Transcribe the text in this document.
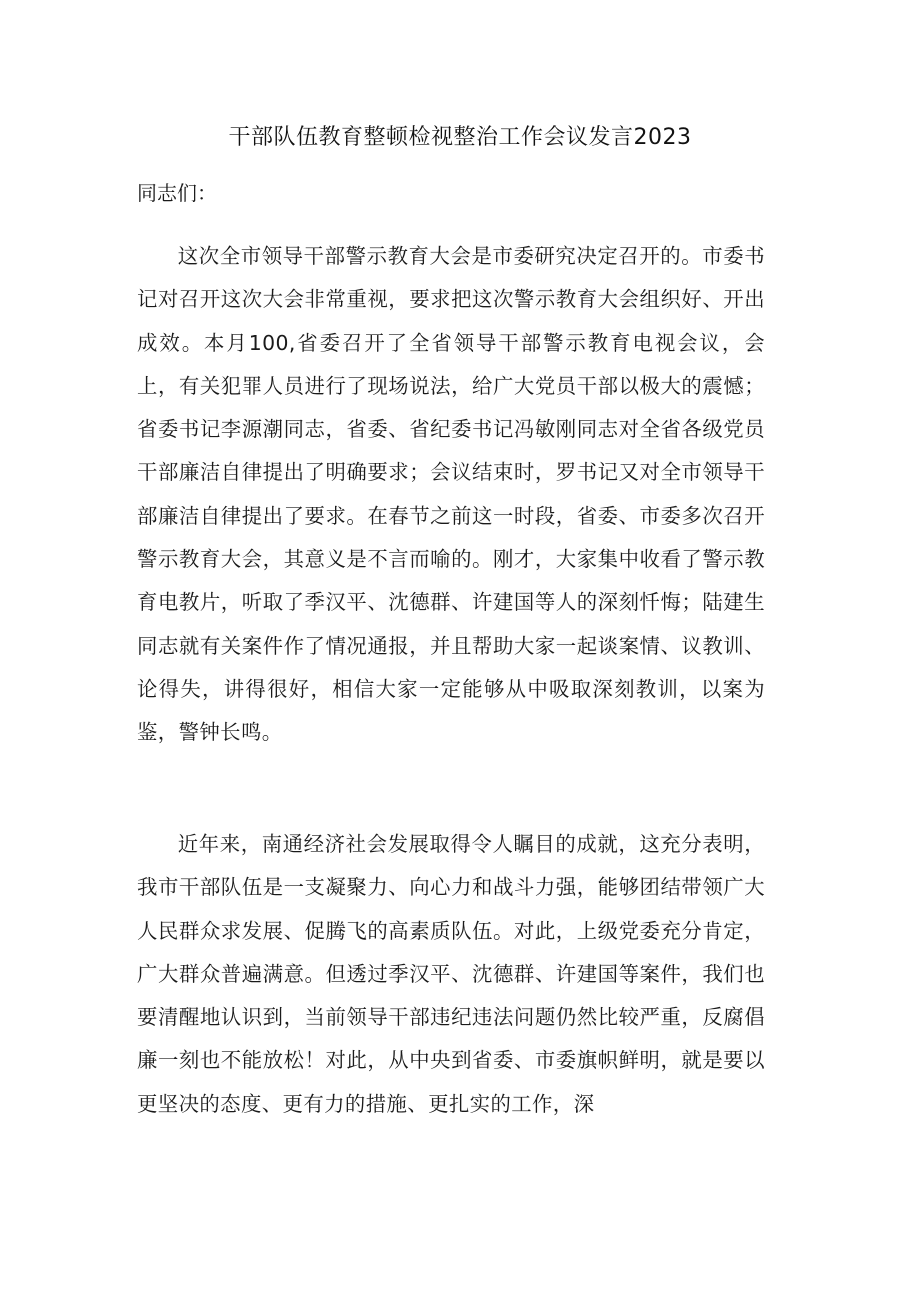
干部队伍教育整顿检视整治工作会议发言2023

同志们：

这次全市领导干部警示教育大会是市委研究决定召开的。市委书记对召开这次大会非常重视，要求把这次警示教育大会组织好、开出成效。本月100,省委召开了全省领导干部警示教育电视会议，会上，有关犯罪人员进行了现场说法，给广大党员干部以极大的震憾；省委书记李源潮同志，省委、省纪委书记冯敏刚同志对全省各级党员干部廉洁自律提出了明确要求；会议结束时，罗书记又对全市领导干部廉洁自律提出了要求。在春节之前这一时段，省委、市委多次召开警示教育大会，其意义是不言而喻的。刚才，大家集中收看了警示教育电教片，听取了季汉平、沈德群、许建国等人的深刻忏悔；陆建生同志就有关案件作了情况通报，并且帮助大家一起谈案情、议教训、论得失，讲得很好，相信大家一定能够从中吸取深刻教训，以案为鉴，警钟长鸣。

近年来，南通经济社会发展取得令人瞩目的成就，这充分表明，我市干部队伍是一支凝聚力、向心力和战斗力强，能够团结带领广大人民群众求发展、促腾飞的高素质队伍。对此，上级党委充分肯定，广大群众普遍满意。但透过季汉平、沈德群、许建国等案件，我们也要清醒地认识到，当前领导干部违纪违法问题仍然比较严重，反腐倡廉一刻也不能放松！对此，从中央到省委、市委旗帜鲜明，就是要以更坚决的态度、更有力的措施、更扎实的工作，深
